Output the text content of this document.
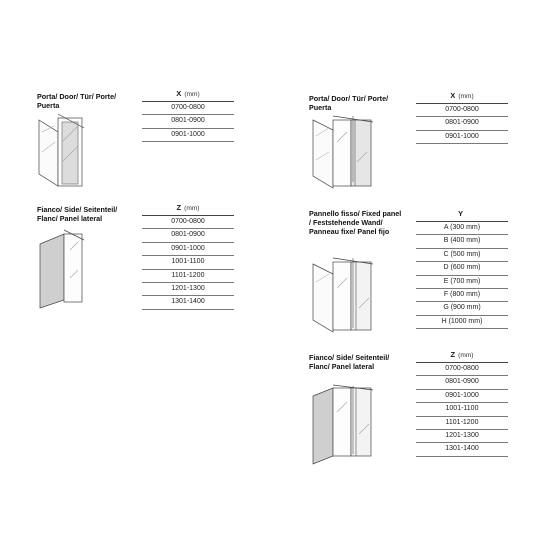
Porta/ Door/ Tür/ Porte/
Puerta
X (mm)
0700-0800
0801-0900
0901-1000
Fianco/ Side/ Seitenteil/
Flanc/ Panel lateral
Z (mm)
0700-0800
0801-0900
0901-1000
1001-1100
1101-1200
1201-1300
1301-1400
Porta/ Door/ Tür/ Porte/
Puerta
X (mm)
0700-0800
0801-0900
0901-1000
Pannello fisso/ Fixed panel
/ Feststehende Wand/
Panneau fixe/ Panel fijo
Y
A (300 mm)
B (400 mm)
C (500 mm)
D (600 mm)
E (700 mm)
F (800 mm)
G (900 mm)
H (1000 mm)
Fianco/ Side/ Seitenteil/
Flanc/ Panel lateral
Z (mm)
0700-0800
0801-0900
0901-1000
1001-1100
1101-1200
1201-1300
1301-1400
